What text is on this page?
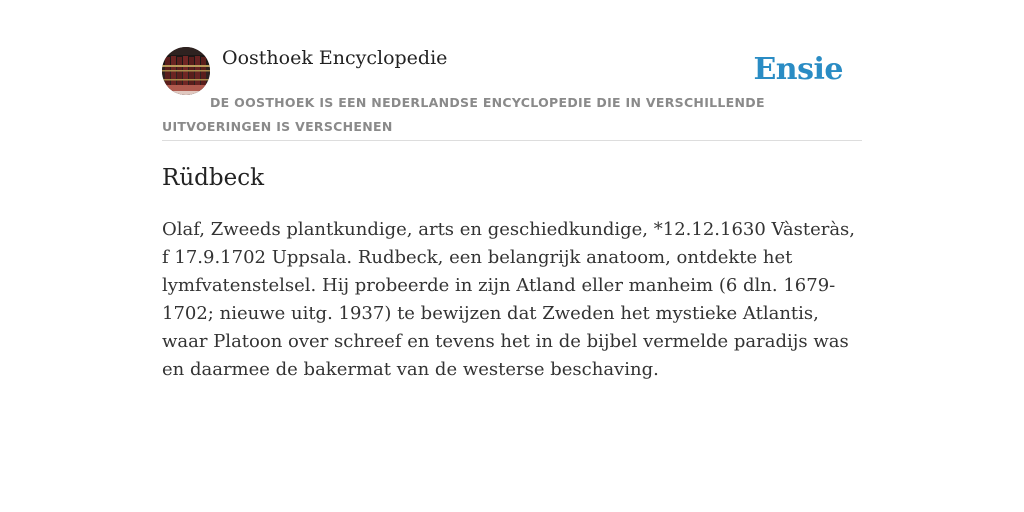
Oosthoek Encyclopedie	Ensie
DE OOSTHOEK IS EEN NEDERLANDSE ENCYCLOPEDIE DIE IN VERSCHILLENDE UITVOERINGEN IS VERSCHENEN
Rüdbeck

Olaf, Zweeds plantkundige, arts en geschiedkundige, *12.12.1630 Vàsteràs, f 17.9.1702 Uppsala. Rudbeck, een belangrijk anatoom, ontdekte het lymfvatenstelsel. Hij probeerde in zijn Atland eller manheim (6 dln. 1679-1702; nieuwe uitg. 1937) te bewijzen dat Zweden het mystieke Atlantis, waar Platoon over schreef en tevens het in de bijbel vermelde paradijs was en daarmee de bakermat van de westerse beschaving.
